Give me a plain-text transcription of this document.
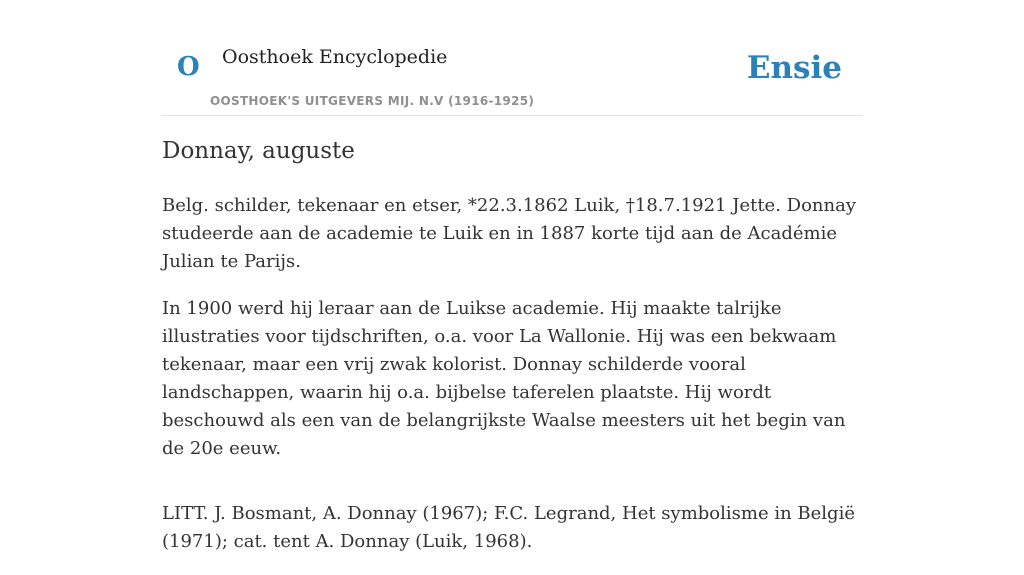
O Oosthoek Encyclopedie
OOSTHOEK'S UITGEVERS MIJ. N.V (1916-1925)
Ensie
Donnay, auguste

Belg. schilder, tekenaar en etser, *22.3.1862 Luik, †18.7.1921 Jette. Donnay studeerde aan de academie te Luik en in 1887 korte tijd aan de Académie Julian te Parijs.

In 1900 werd hij leraar aan de Luikse academie. Hij maakte talrijke illustraties voor tijdschriften, o.a. voor La Wallonie. Hij was een bekwaam tekenaar, maar een vrij zwak kolorist. Donnay schilderde vooral landschappen, waarin hij o.a. bijbelse taferelen plaatste. Hij wordt beschouwd als een van de belangrijkste Waalse meesters uit het begin van de 20e eeuw.

LITT. J. Bosmant, A. Donnay (1967); F.C. Legrand, Het symbolisme in België (1971); cat. tent A. Donnay (Luik, 1968).
